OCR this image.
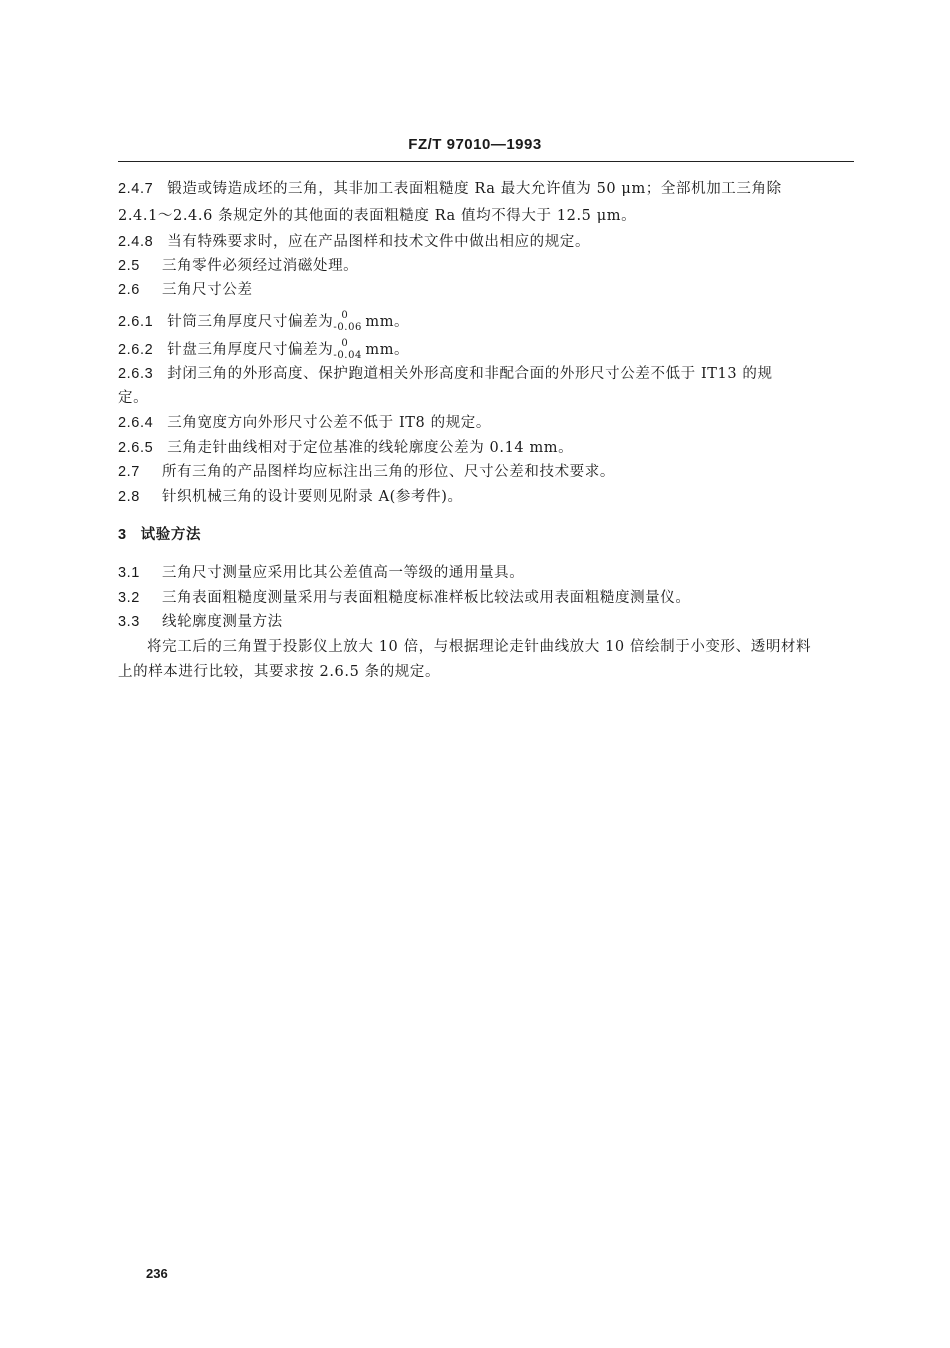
FZ/T 97010—1993
2.4.7 锻造或铸造成坯的三角，其非加工表面粗糙度 Ra 最大允许值为 50 μm；全部机加工三角除
2.4.1～2.4.6 条规定外的其他面的表面粗糙度 Ra 值均不得大于 12.5 μm。
2.4.8 当有特殊要求时，应在产品图样和技术文件中做出相应的规定。
2.5 三角零件必须经过消磁处理。
2.6 三角尺寸公差
2.6.1 针筒三角厚度尺寸偏差为 0
-0.06 mm。
2.6.2 针盘三角厚度尺寸偏差为 0
-0.04 mm。
2.6.3 封闭三角的外形高度、保护跑道相关外形高度和非配合面的外形尺寸公差不低于 IT13 的规
定。
2.6.4 三角宽度方向外形尺寸公差不低于 IT8 的规定。
2.6.5 三角走针曲线相对于定位基准的线轮廓度公差为 0.14 mm。
2.7 所有三角的产品图样均应标注出三角的形位、尺寸公差和技术要求。
2.8 针织机械三角的设计要则见附录 A(参考件)。
3 试验方法
3.1 三角尺寸测量应采用比其公差值高一等级的通用量具。
3.2 三角表面粗糙度测量采用与表面粗糙度标准样板比较法或用表面粗糙度测量仪。
3.3 线轮廓度测量方法
将完工后的三角置于投影仪上放大 10 倍，与根据理论走针曲线放大 10 倍绘制于小变形、透明材料
上的样本进行比较，其要求按 2.6.5 条的规定。
236
